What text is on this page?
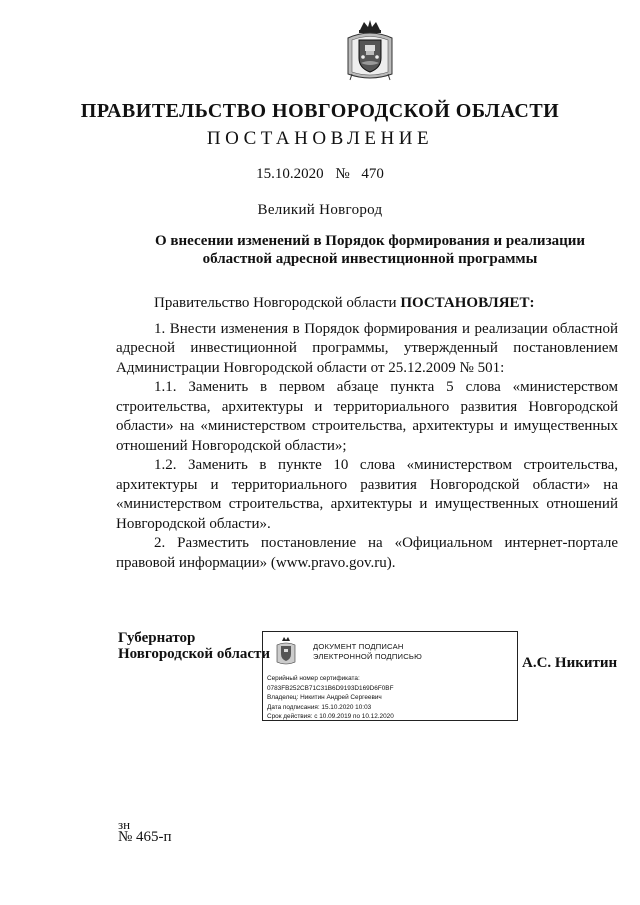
ПРАВИТЕЛЬСТВО НОВГОРОДСКОЙ ОБЛАСТИ
ПОСТАНОВЛЕНИЕ
15.10.2020 № 470
Великий Новгород
О внесении изменений в Порядок формирования и реализации
областной адресной инвестиционной программы

Правительство Новгородской области ПОСТАНОВЛЯЕТ:

1. Внести изменения в Порядок формирования и реализации областной адресной инвестиционной программы, утвержденный постановлением Администрации Новгородской области от 25.12.2009 № 501:

1.1. Заменить в первом абзаце пункта 5 слова «министерством строительства, архитектуры и территориального развития Новгородской области» на «министерством строительства, архитектуры и имущественных отношений Новгородской области»;

1.2. Заменить в пункте 10 слова «министерством строительства, архитектуры и территориального развития Новгородской области» на «министерством строительства, архитектуры и имущественных отношений Новгородской области».

2. Разместить постановление на «Официальном интернет-портале правовой информации» (www.pravo.gov.ru).

Губернатор
Новгородской области	ДОКУМЕНТ ПОДПИСАН
ЭЛЕКТРОННОЙ ПОДПИСЬЮ
Серийный номер сертификата:
0783FB252CB71C31B6D9193D169D6F0BF
Владелец: Никитин Андрей Сергеевич
Дата подписания: 15.10.2020 10:03
Срок действия: с 10.09.2019 по 10.12.2020
А.С. Никитин
зн
№ 465-п
